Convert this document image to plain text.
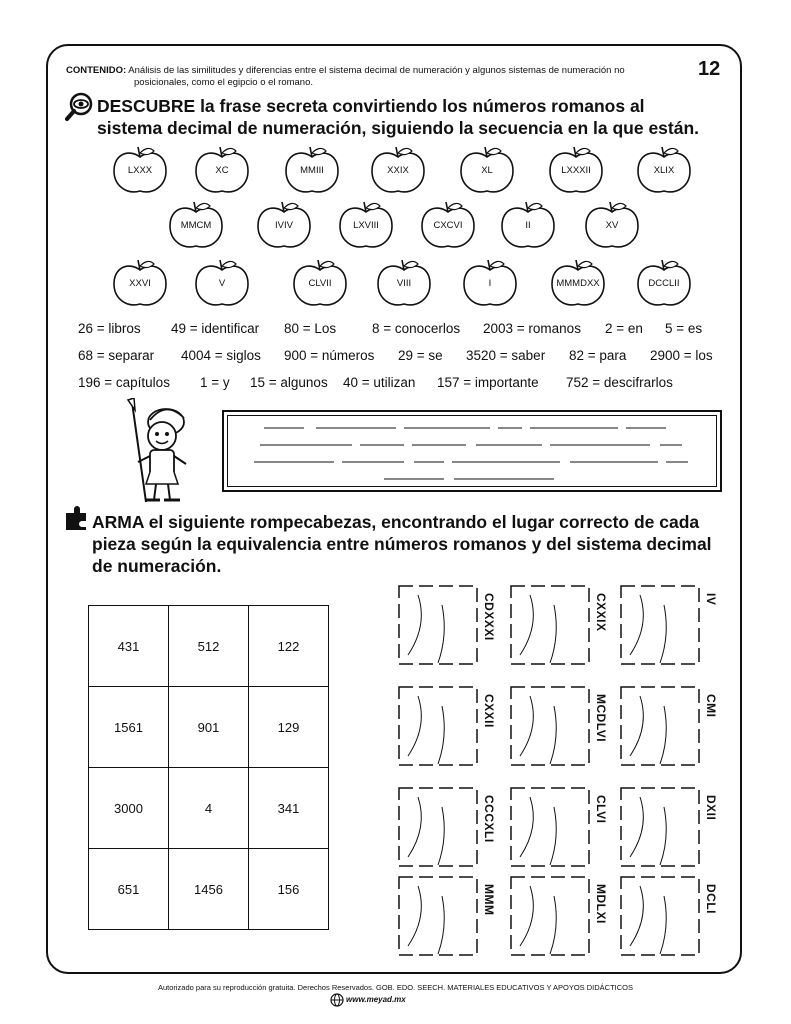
CONTENIDO: Análisis de las similitudes y diferencias entre el sistema decimal de numeración y algunos sistemas de numeración no
posicionales, como el egipcio o el romano.
12
DESCUBRE la frase secreta convirtiendo los números romanos al
sistema decimal de numeración, siguiendo la secuencia en la que están.
LXXX	XC	MMIII	XXIX	XL	LXXXII	XLIX
MMCM	IVIV	LXVIII	CXCVI	II	XV
XXVI	V	CLVII	VIII	I	MMMDXX	DCCLII
26 = libros 49 = identificar 80 = Los	8 = conocerlos 2003 = romanos 2 = en 5 = es
68 = separar 4004 = siglos 900 = números 29 = se 3520 = saber 82 = para 2900 = los
196 = capítulos 1 = y 15 = algunos 40 = utilizan 157 = importante 752 = descifrarlos
ARMA el siguiente rompecabezas, encontrando el lugar correcto de cada
pieza según la equivalencia entre números romanos y del sistema decimal
de numeración.
431	512	122
1561	901	129
3000	4	341
651	1456	156
CDXXXI	CXXIX	IV
CXXII	MCDLVI	CMI
CCCXLI	CLVI	DXII
MMM	MDLXI	DCLI
Autorizado para su reproducción gratuita. Derechos Reservados. GOB. EDO. SEECH. MATERIALES EDUCATIVOS Y APOYOS DIDÁCTICOS
www.meyad.mx
